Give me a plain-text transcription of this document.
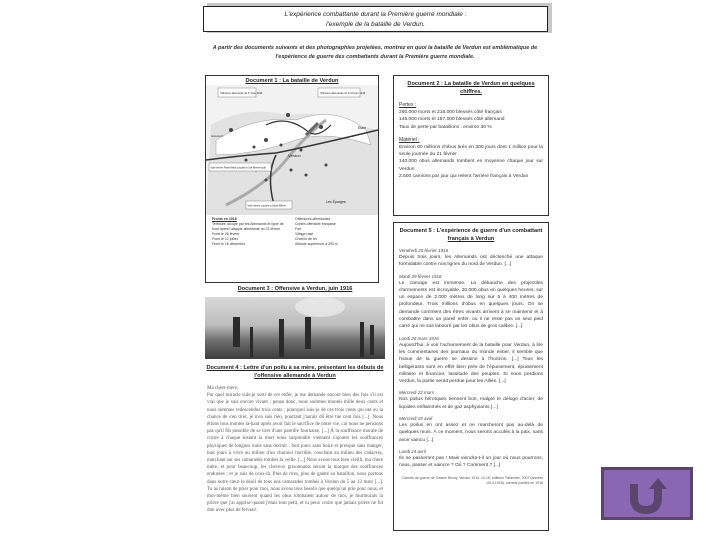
L'expérience combattante durant la Première guerre mondiale :
l'exemple de la bataille de Verdun.
A partir des documents suivants et des photographies projetées, montrez en quoi la bataille de Verdun est emblématique de l'expérience de guerre des combattants durant la Première guerre mondiale.
Document 1 : La bataille de Verdun
Verdun
Étain
Les Éparges
Avocourt
Offensive allemande du 6 mars 1916	Offensive allemande du 21 février 1916
Voie ferrée Paris-Metz coupée à Ste-Menehould
Voie ferrée coupée à Saint-Mihiel
Fronts en 1916
Territoire occupé par les Allemands et ligne de front avant l'attaque allemande du 21 février
Front le 26 février
Front le 12 juillet
Front le 18 décembre
Offensives allemandes
Contre-offensive française
Fort
Village rasé
Chemin de fer
Altitude supérieure à 250 m
Document 3 : Offensive à Verdun, juin 1916
Document 4 : Lettre d'un poilu à sa mère, présentant les débuts de
l'offensive allemande à Verdun
Ma chère mère,
Par quel miracle suis-je sorti de cet enfer, je me demande encore bien des fois s'il est vrai que je suis encore vivant ; pense donc, nous sommes montés mille deux cents et nous sommes redescendus trois cents ; pourquoi suis-je de ces trois cents qui ont eu la chance de s'en tirer, je n'en sais rien, pourtant j'aurais dû être tué cent fois [...]. Nous étions tous montés là-haut après avoir fait le sacrifice de notre vie, car nous ne pensions pas qu'il fût possible de se tirer d'une pareille fournaise. [...] À la souffrance morale de croire à chaque instant la mort nous surprendre viennent s'ajouter les souffrances physiques de longues nuits sans dormir : huit jours sans boire et presque sans manger, huit jours à vivre au milieu d'un charnier horrible, couchant au milieu des cadavres, marchant sur ses camarades tombés la veille. [...] Nous avons tous bien vieilli, ma chère mère, et pour beaucoup, les cheveux grisonnants seront la marque des souffrances endurées ; et je suis de ceux-là. Plus de rires, plus de gaieté au bataillon, nous portons dans notre cœur le deuil de tous nos camarades tombés à Verdun du 5 au 12 mars [...]. Tu as raison de prier pour moi, nous avons tous besoin que quelqu'un prie pour nous, et moi-même bien souvent quand les obus tombaient autour de moi, je murmurais la prière que j'ai apprise quand j'étais tout petit, et tu peux croire que jamais prière ne fut dite avec plus de ferveur.
Document 2 : La bataille de Verdun en quelques chiffres.
Pertes :
260.000 morts et 216.000 blessés côté français
145.000 morts et 157.000 blessés côté allemand
Taux de perte par bataillons : environ 30 %
Matériel :
Environ 60 millions d'obus tirés en 300 jours dont 1 million pour la seule journée du 21 février
140.000 obus allemands tombent en moyenne chaque jour sur Verdun
2.500 camions par jour qui relient l'arrière français à Verdun
Document 5 : L'expérience de guerre d'un combattant
français à Verdun
Vendredi 25 février 1916
Depuis trois jours, les Allemands ont déclenché une attaque formidable contre nos lignes du nord de Verdun. [...]
Mardi 29 février 1916
Le carnage est immense. La débauche des projectiles d'armements est incroyable, 20.000 obus en quelques heures, sur un espace de 2.000 mètres de long sur 5 à 400 mètres de profondeur. Trois millions d'obus en quelques jours. On se demande comment des êtres vivants arrivent à se maintenir et à combattre dans un pareil enfer, où il ne reste pas un seul pied carré qui ne soit labouré par les obus de gros calibre. [...]
Lundi 20 mars 1916
Aujourd'hui, à voir l'acharnement de la bataille pour Verdun, à lire les commentaires des journaux du monde entier, il semble que l'issue de la guerre se dessine à l'horizon. [...] Tous les belligérants sont en effet bien près de l'épuisement, épuisement militaire et financier, lassitude des peuples. Si nous perdions Verdun, la partie serait perdue pour les Alliés. [...]
Mercredi 22 mars
Nos poilus héroïques tiennent bon, malgré le déluge d'acier, de liquides enflammés et de gaz asphyxiants [...]
Mercredi 19 avril
Les poilus en ont assez et ne marcheront pas au-delà de quelques mois. À ce moment, nous serons acculés à la paix, sans avoir vaincu [...]
Lundi 24 avril
Ils ne passeront pas ! Mais viendra-t-il un jour où nous pourrons, nous, passer et vaincre ? Où ? Comment ? [...]
Carnets de guerre de Gaston Bussy, Verdun 1916, 14-18, éditions Tallandier, 2007 (années 1914-1918), carnets publiés en 1916
